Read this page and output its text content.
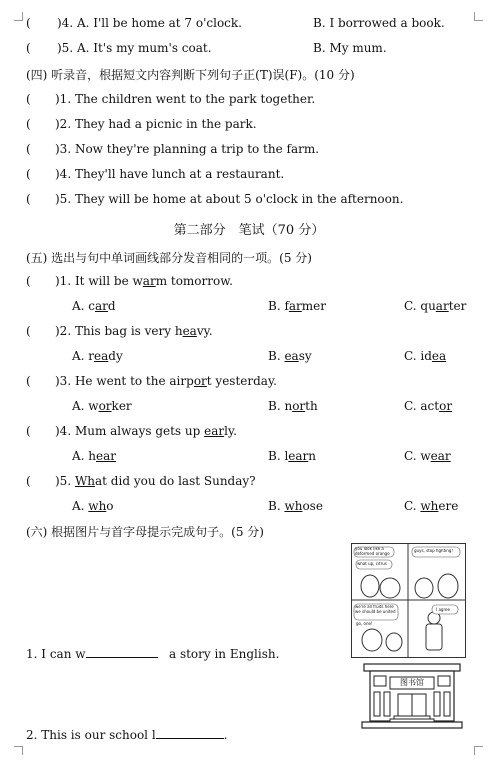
( )4. A. I'll be home at 7 o'clock.	B. I borrowed a book.
( )5. A. It's my mum's coat.	B. My mum.
(四) 听录音，根据短文内容判断下列句子正(T)误(F)。(10 分)
( )1. The children went to the park together.
( )2. They had a picnic in the park.
( )3. Now they're planning a trip to the farm.
( )4. They'll have lunch at a restaurant.
( )5. They will be home at about 5 o'clock in the afternoon.
第二部分　笔试（70 分）
(五) 选出与句中单词画线部分发音相同的一项。(5 分)
( )1. It will be warm tomorrow.
A. card	B. farmer	C. quarter
( )2. This bag is very heavy.
A. ready	B. easy	C. idea
( )3. He went to the airport yesterday.
A. worker	B. north	C. actor
( )4. Mum always gets up early.
A. hear	B. learn	C. wear
( )5. What did you do last Sunday?
A. who	B. whose	C. where
(六) 根据图片与首字母提示完成句子。(5 分)
you look like a deformed orange
what up, citrus
guys, stop fighting!
we're all fruits here we should be united
go, one!
I agree
1. I can w	a story in English.
图书馆
2. This is our school l	.
